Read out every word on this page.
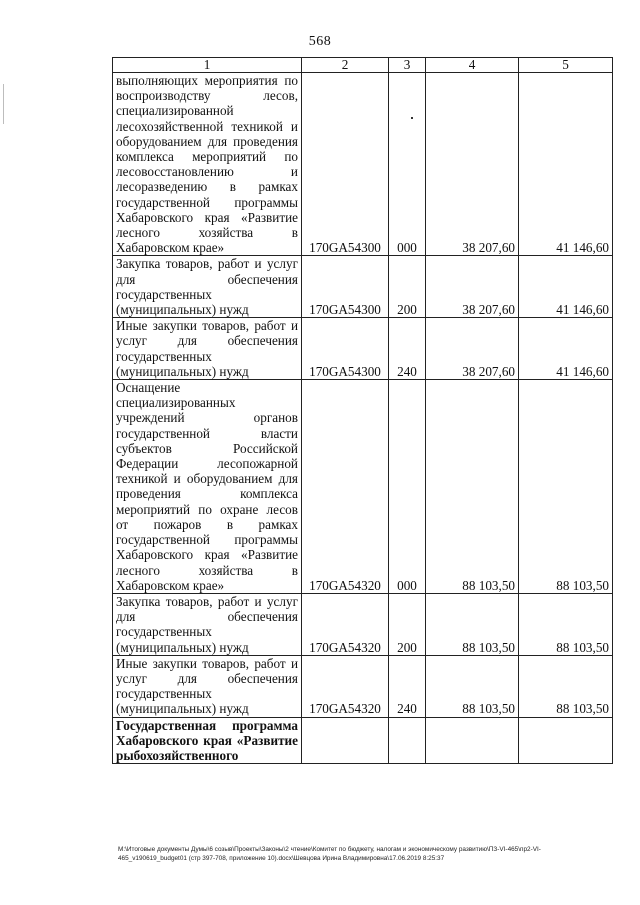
568
1	2	3	4	5
выполняющих мероприятия по воспроизводству лесов, специализированной лесохозяйственной техникой и оборудованием для проведения комплекса мероприятий по лесовосстановлению и лесоразведению в рамках государственной программы Хабаровского края «Развитие лесного хозяйства в Хабаровском крае»	170GA54300	000	38 207,60	41 146,60
Закупка товаров, работ и услуг для обеспечения государственных (муниципальных) нужд	170GA54300	200	38 207,60	41 146,60
Иные закупки товаров, работ и услуг для обеспечения государственных (муниципальных) нужд	170GA54300	240	38 207,60	41 146,60
Оснащение специализированных учреждений органов государственной власти субъектов Российской Федерации лесопожарной техникой и оборудованием для проведения комплекса мероприятий по охране лесов от пожаров в рамках государственной программы Хабаровского края «Развитие лесного хозяйства в Хабаровском крае»	170GA54320	000	88 103,50	88 103,50
Закупка товаров, работ и услуг для обеспечения государственных (муниципальных) нужд	170GA54320	200	88 103,50	88 103,50
Иные закупки товаров, работ и услуг для обеспечения государственных (муниципальных) нужд	170GA54320	240	88 103,50	88 103,50
Государственная программа Хабаровского края «Развитие рыбохозяйственного				
M:\Итоговые документы Думы\6 созыв\Проекты\Законы\2 чтение\Комитет по бюджету, налогам и экономическому развитию\ПЗ-VI-465\пр2-VI-
465_v190619_budget01 (стр 397-708, приложение 10).docx\Шевцова Ирина Владимировна\17.06.2019 8:25:37
